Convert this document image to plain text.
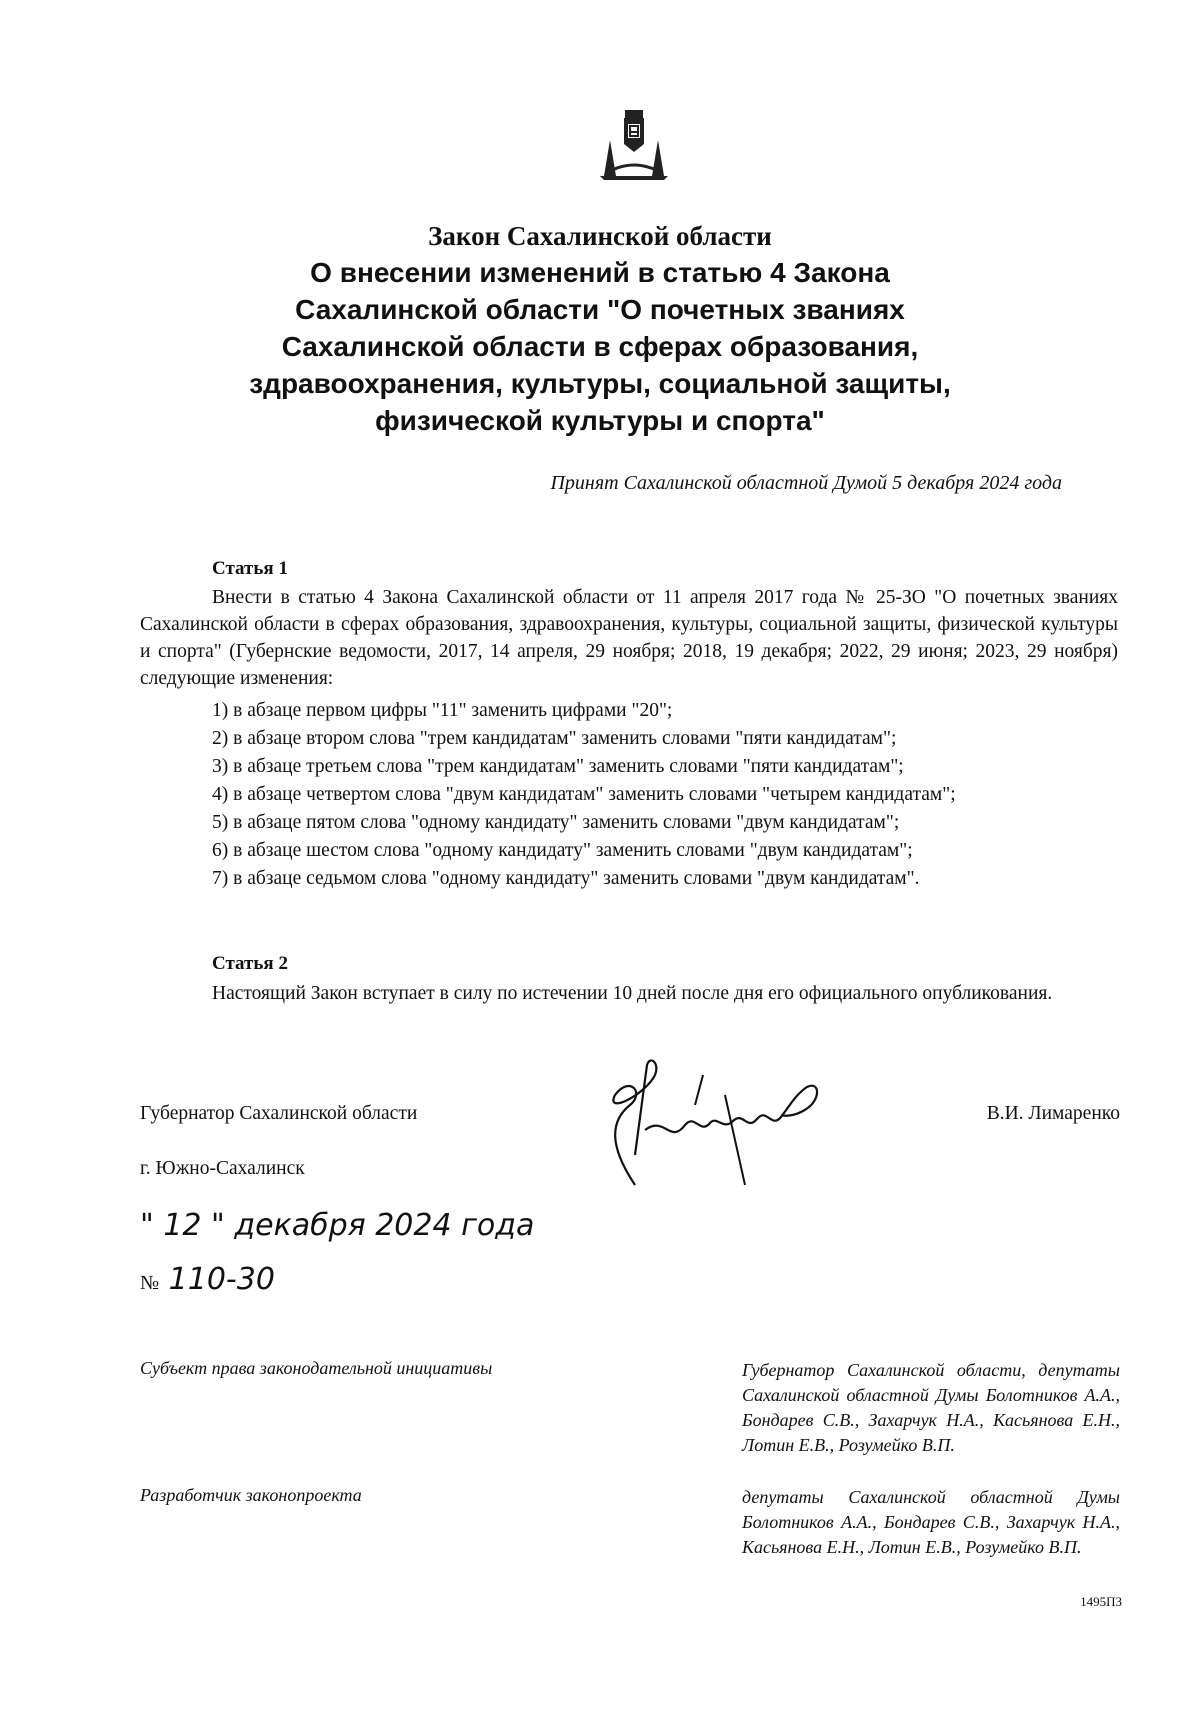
Закон Сахалинской области
О внесении изменений в статью 4 Закона
Сахалинской области "О почетных званиях
Сахалинской области в сферах образования,
здравоохранения, культуры, социальной защиты,
физической культуры и спорта"
Принят Сахалинской областной Думой 5 декабря 2024 года
Статья 1
Внести в статью 4 Закона Сахалинской области от 11 апреля 2017 года № 25-ЗО "О почетных званиях Сахалинской области в сферах образования, здравоохранения, культуры, социальной защиты, физической культуры и спорта" (Губернские ведомости, 2017, 14 апреля, 29 ноября; 2018, 19 декабря; 2022, 29 июня; 2023, 29 ноября) следующие изменения:
1) в абзаце первом цифры "11" заменить цифрами "20";
2) в абзаце втором слова "трем кандидатам" заменить словами "пяти кандидатам";
3) в абзаце третьем слова "трем кандидатам" заменить словами "пяти кандидатам";
4) в абзаце четвертом слова "двум кандидатам" заменить словами "четырем кандидатам";
5) в абзаце пятом слова "одному кандидату" заменить словами "двум кандидатам";
6) в абзаце шестом слова "одному кандидату" заменить словами "двум кандидатам";
7) в абзаце седьмом слова "одному кандидату" заменить словами "двум кандидатам".
Статья 2
Настоящий Закон вступает в силу по истечении 10 дней после дня его официального опубликования.
Губернатор Сахалинской области	В.И. Лимаренко
г. Южно-Сахалинск
" 12 " декабря 2024 года
№ 110-30
Субъект права законодательной инициативы	Губернатор Сахалинской области, депутаты Сахалинской областной Думы Болотников А.А., Бондарев С.В., Захарчук Н.А., Касьянова Е.Н., Лотин Е.В., Розумейко В.П.
Разработчик законопроекта	депутаты Сахалинской областной Думы Болотников А.А., Бондарев С.В., Захарчук Н.А., Касьянова Е.Н., Лотин Е.В., Розумейко В.П.
1495ПЗ
